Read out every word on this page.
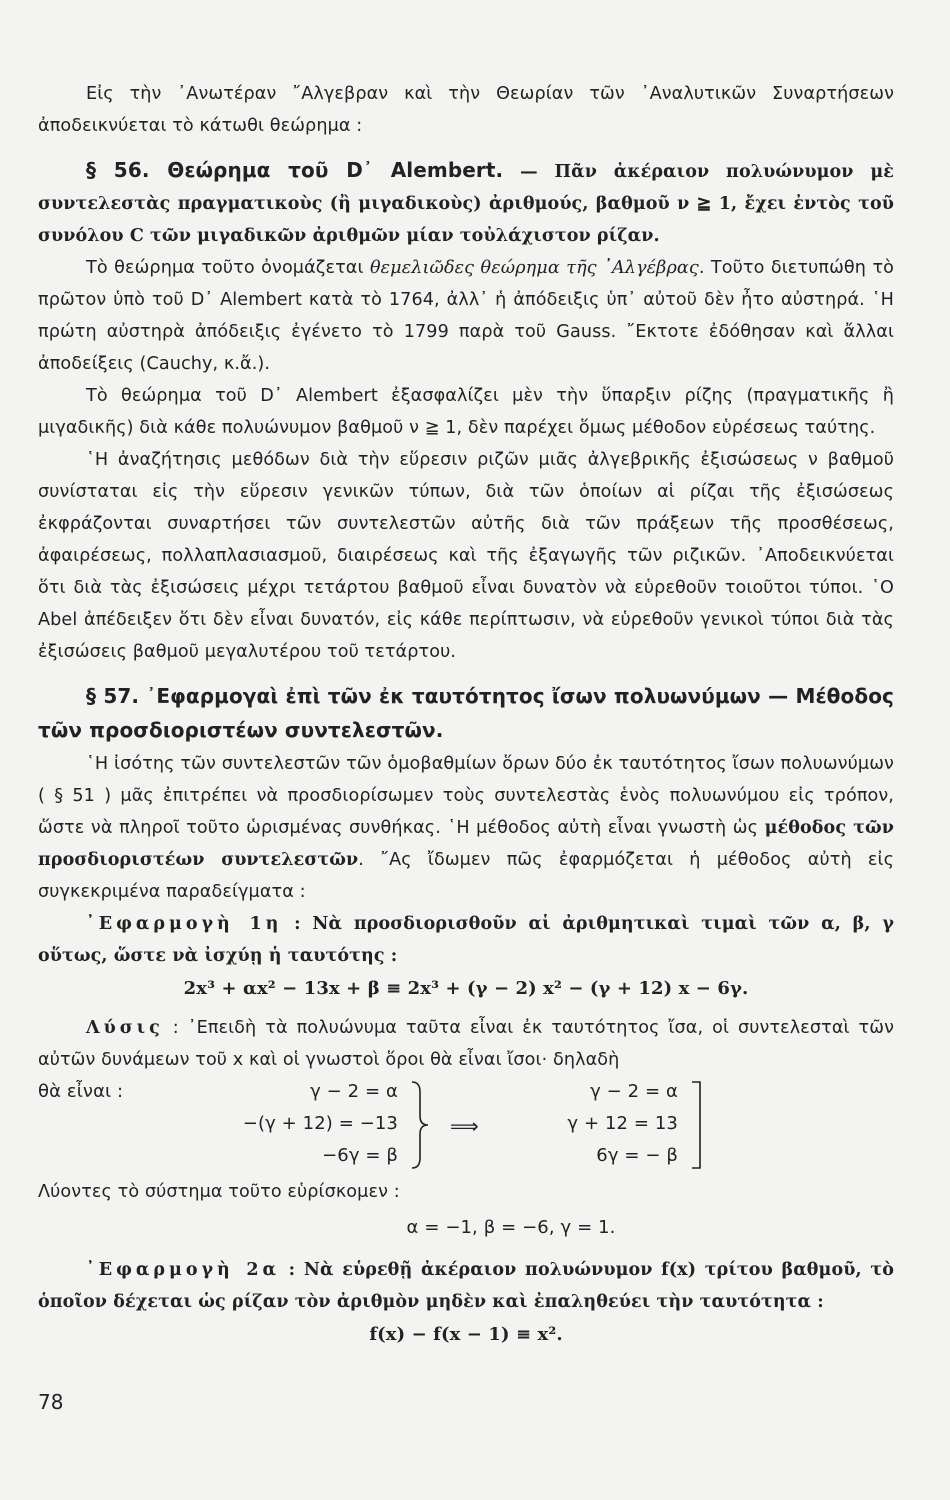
Εἰς τὴν ᾿Ανωτέραν ῎Αλγεβραν καὶ τὴν Θεωρίαν τῶν ᾿Αναλυτικῶν Συναρτήσεων ἀποδεικνύεται τὸ κάτωθι θεώρημα :

§ 56. Θεώρημα τοῦ D᾿ Alembert. — Πᾶν ἀκέραιον πολυώνυμον μὲ συντελεστὰς πραγματικοὺς (ἢ μιγαδικοὺς) ἀριθμούς, βαθμοῦ ν ≧ 1, ἔχει ἐντὸς τοῦ συνόλου C τῶν μιγαδικῶν ἀριθμῶν μίαν τοὐλάχιστον ρίζαν.

Τὸ θεώρημα τοῦτο ὀνομάζεται θεμελιῶδες θεώρημα τῆς ᾿Αλγέβρας. Τοῦτο διετυπώθη τὸ πρῶτον ὑπὸ τοῦ D᾿ Alembert κατὰ τὸ 1764, ἀλλ᾿ ἡ ἀπόδειξις ὑπ᾿ αὐτοῦ δὲν ἦτο αὐστηρά. ῾Η πρώτη αὐστηρὰ ἀπόδειξις ἐγένετο τὸ 1799 παρὰ τοῦ Gauss. ῎Εκτοτε ἐδόθησαν καὶ ἄλλαι ἀποδείξεις (Cauchy, κ.ἄ.).

Τὸ θεώρημα τοῦ D᾿ Alembert ἐξασφαλίζει μὲν τὴν ὕπαρξιν ρίζης (πραγματικῆς ἢ μιγαδικῆς) διὰ κάθε πολυώνυμον βαθμοῦ ν ≧ 1, δὲν παρέχει ὅμως μέθοδον εὑρέσεως ταύτης.

῾Η ἀναζήτησις μεθόδων διὰ τὴν εὕρεσιν ριζῶν μιᾶς ἀλγεβρικῆς ἐξισώσεως ν βαθμοῦ συνίσταται εἰς τὴν εὕρεσιν γενικῶν τύπων, διὰ τῶν ὁποίων αἱ ρίζαι τῆς ἐξισώσεως ἐκφράζονται συναρτήσει τῶν συντελεστῶν αὐτῆς διὰ τῶν πράξεων τῆς προσθέσεως, ἀφαιρέσεως, πολλαπλασιασμοῦ, διαιρέσεως καὶ τῆς ἐξαγωγῆς τῶν ριζικῶν. ᾿Αποδεικνύεται ὅτι διὰ τὰς ἐξισώσεις μέχρι τετάρτου βαθμοῦ εἶναι δυνατὸν νὰ εὑρεθοῦν τοιοῦτοι τύποι. ῾Ο Abel ἀπέδειξεν ὅτι δὲν εἶναι δυνατόν, εἰς κάθε περίπτωσιν, νὰ εὑρεθοῦν γενικοὶ τύποι διὰ τὰς ἐξισώσεις βαθμοῦ μεγαλυτέρου τοῦ τετάρτου.

§ 57. ᾿Εφαρμογαὶ ἐπὶ τῶν ἐκ ταυτότητος ἴσων πολυωνύμων — Μέθοδος τῶν προσδιοριστέων συντελεστῶν.

῾Η ἰσότης τῶν συντελεστῶν τῶν ὁμοβαθμίων ὅρων δύο ἐκ ταυτότητος ἴσων πολυωνύμων ( § 51 ) μᾶς ἐπιτρέπει νὰ προσδιορίσωμεν τοὺς συντελεστὰς ἑνὸς πολυωνύμου εἰς τρόπον, ὥστε νὰ πληροῖ τοῦτο ὡρισμένας συνθήκας. ῾Η μέθοδος αὐτὴ εἶναι γνωστὴ ὡς μέθοδος τῶν προσδιοριστέων συντελεστῶν. ῎Ας ἴδωμεν πῶς ἐφαρμόζεται ἡ μέθοδος αὐτὴ εἰς συγκεκριμένα παραδείγματα :

᾿Εφαρμογὴ 1η : Νὰ προσδιορισθοῦν αἱ ἀριθμητικαὶ τιμαὶ τῶν α, β, γ οὕτως, ὥστε νὰ ἰσχύῃ ἡ ταυτότης :

2x³ + αx² − 13x + β ≡ 2x³ + (γ − 2) x² − (γ + 12) x − 6γ.

Λύσις : ᾿Επειδὴ τὰ πολυώνυμα ταῦτα εἶναι ἐκ ταυτότητος ἴσα, οἱ συντελεσταὶ τῶν αὐτῶν δυνάμεων τοῦ x καὶ οἱ γνωστοὶ ὅροι θὰ εἶναι ἴσοι· δηλαδὴ

θὰ εἶναι :	γ − 2 = α
−(γ + 12) = −13
−6γ = β
⟹
γ − 2 = α
γ + 12 = 13
6γ = − β

Λύοντες τὸ σύστημα τοῦτο εὑρίσκομεν :

α = −1, β = −6, γ = 1.

᾿Εφαρμογὴ 2α : Νὰ εὑρεθῇ ἀκέραιον πολυώνυμον f(x) τρίτου βαθμοῦ, τὸ ὁποῖον δέχεται ὡς ρίζαν τὸν ἀριθμὸν μηδὲν καὶ ἐπαληθεύει τὴν ταυτότητα :

f(x) − f(x − 1) ≡ x².
78
